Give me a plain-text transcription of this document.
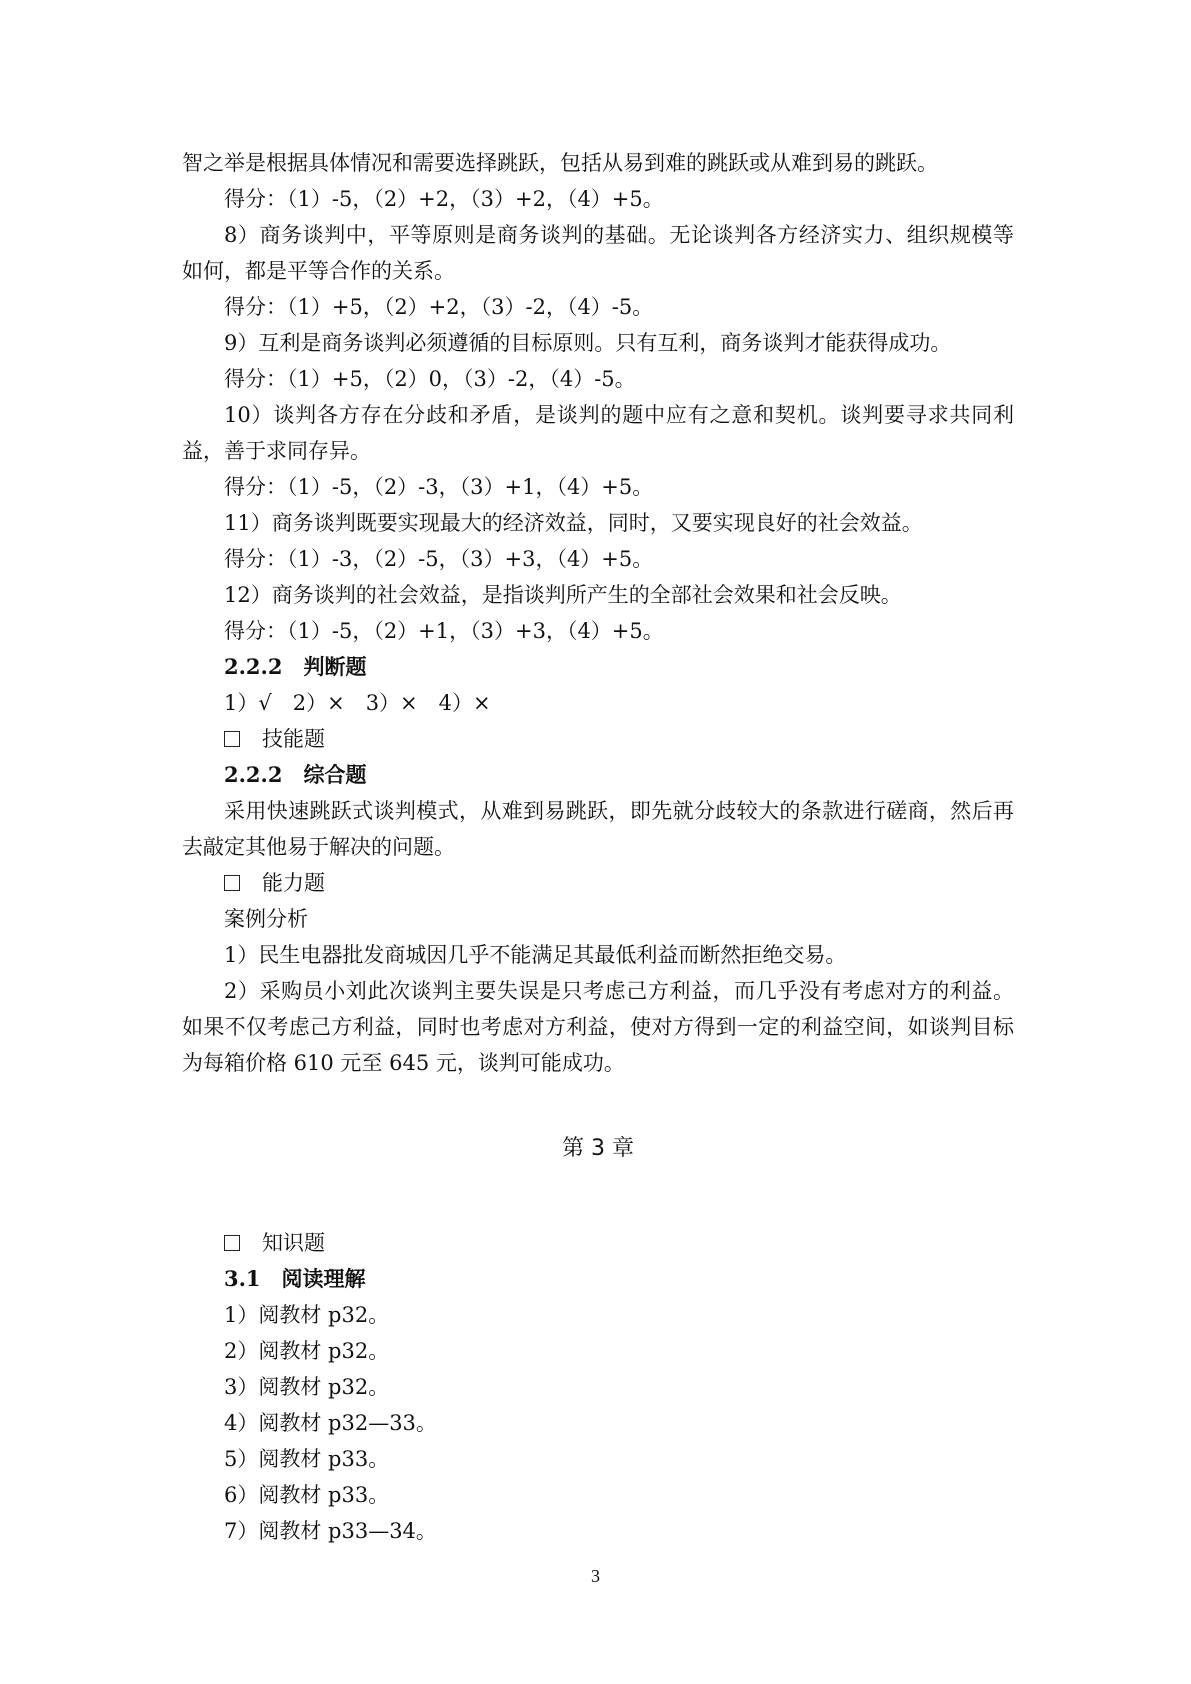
智之举是根据具体情况和需要选择跳跃，包括从易到难的跳跃或从难到易的跳跃。

得分：（1）-5，（2）+2，（3）+2，（4）+5。

8）商务谈判中，平等原则是商务谈判的基础。无论谈判各方经济实力、组织规模等如何，都是平等合作的关系。

得分：（1）+5，（2）+2，（3）-2，（4）-5。

9）互利是商务谈判必须遵循的目标原则。只有互利，商务谈判才能获得成功。

得分：（1）+5，（2）0，（3）-2，（4）-5。

10）谈判各方存在分歧和矛盾，是谈判的题中应有之意和契机。谈判要寻求共同利益，善于求同存异。

得分：（1）-5，（2）-3，（3）+1，（4）+5。

11）商务谈判既要实现最大的经济效益，同时，又要实现良好的社会效益。

得分：（1）-3，（2）-5，（3）+3，（4）+5。

12）商务谈判的社会效益，是指谈判所产生的全部社会效果和社会反映。

得分：（1）-5，（2）+1，（3）+3，（4）+5。

2.2.2　判断题

1）√　2）×　3）×　4）×

技能题

2.2.2　综合题

采用快速跳跃式谈判模式，从难到易跳跃，即先就分歧较大的条款进行磋商，然后再去敲定其他易于解决的问题。

能力题

案例分析

1）民生电器批发商城因几乎不能满足其最低利益而断然拒绝交易。

2）采购员小刘此次谈判主要失误是只考虑己方利益，而几乎没有考虑对方的利益。如果不仅考虑己方利益，同时也考虑对方利益，使对方得到一定的利益空间，如谈判目标为每箱价格 610 元至 645 元，谈判可能成功。

第 3 章

知识题

3.1　阅读理解

1）阅教材 p32。

2）阅教材 p32。

3）阅教材 p32。

4）阅教材 p32—33。

5）阅教材 p33。

6）阅教材 p33。

7）阅教材 p33—34。

3
